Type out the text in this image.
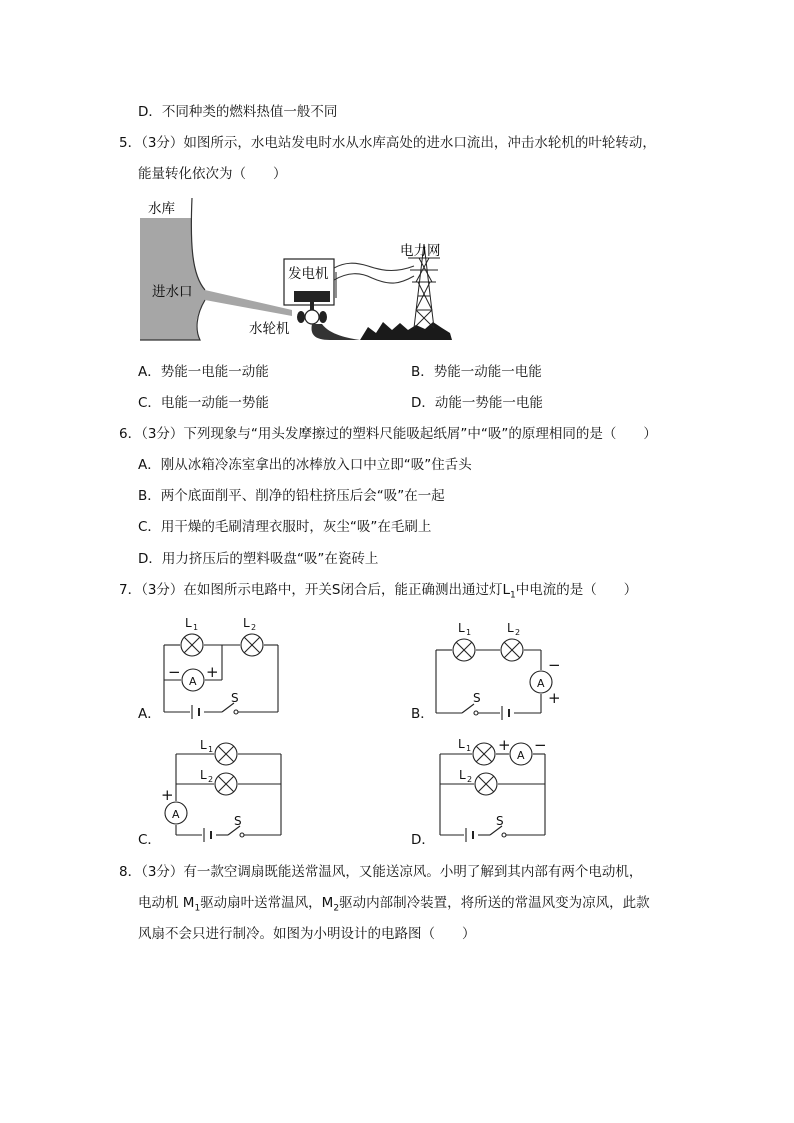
D．不同种类的燃料热值一般不同
5．（3分）如图所示，水电站发电时水从水库高处的进水口流出，冲击水轮机的叶轮转动，
能量转化依次为（　　）
水库
进水口
发电机
水轮机
电力网
A．势能一电能一动能	B．势能一动能一电能
C．电能一动能一势能	D．动能一势能一电能
6．（3分）下列现象与“用头发摩擦过的塑料尺能吸起纸屑”中“吸”的原理相同的是（　　）
A．刚从冰箱冷冻室拿出的冰棒放入口中立即“吸”住舌头
B．两个底面削平、削净的铅柱挤压后会“吸”在一起
C．用干燥的毛刷清理衣服时，灰尘“吸”在毛刷上
D．用力挤压后的塑料吸盘“吸”在瓷砖上
7．（3分）在如图所示电路中，开关S闭合后，能正确测出通过灯$L_1$中电流的是（　　）
L 1	L 2
A
− +
S
L 1	L 2
A
−
+
S
L 1
L 2
A
+
S
L 1
L 2
A
+ −
S
A．	B．
C．	D．
8．（3分）有一款空调扇既能送常温风，又能送凉风。小明了解到其内部有两个电动机，
电动机 $M_1$驱动扇叶送常温风，$M_2$驱动内部制冷装置，将所送的常温风变为凉风，此款
风扇不会只进行制冷。如图为小明设计的电路图（　　）
